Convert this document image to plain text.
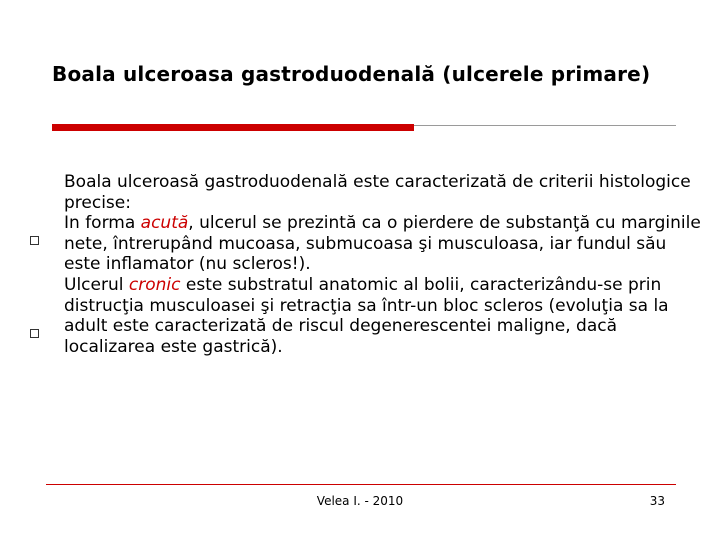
Boala ulceroasa gastroduodenală (ulcerele primare)

Boala ulceroasă gastroduodenală este caracterizată de criterii histologice precise:

In forma acută, ulcerul se prezintă ca o pierdere de substanţă cu marginile nete, întrerupând mucoasa, submucoasa şi musculoasa, iar fundul său este inflamator (nu scleros!).

Ulcerul cronic este substratul anatomic al bolii, caracterizându-se prin distrucţia musculoasei şi retracţia sa într-un bloc scleros (evoluţia sa la adult este caracterizată de riscul degenerescentei maligne, dacă localizarea este gastrică).

Velea I. - 2010	33
